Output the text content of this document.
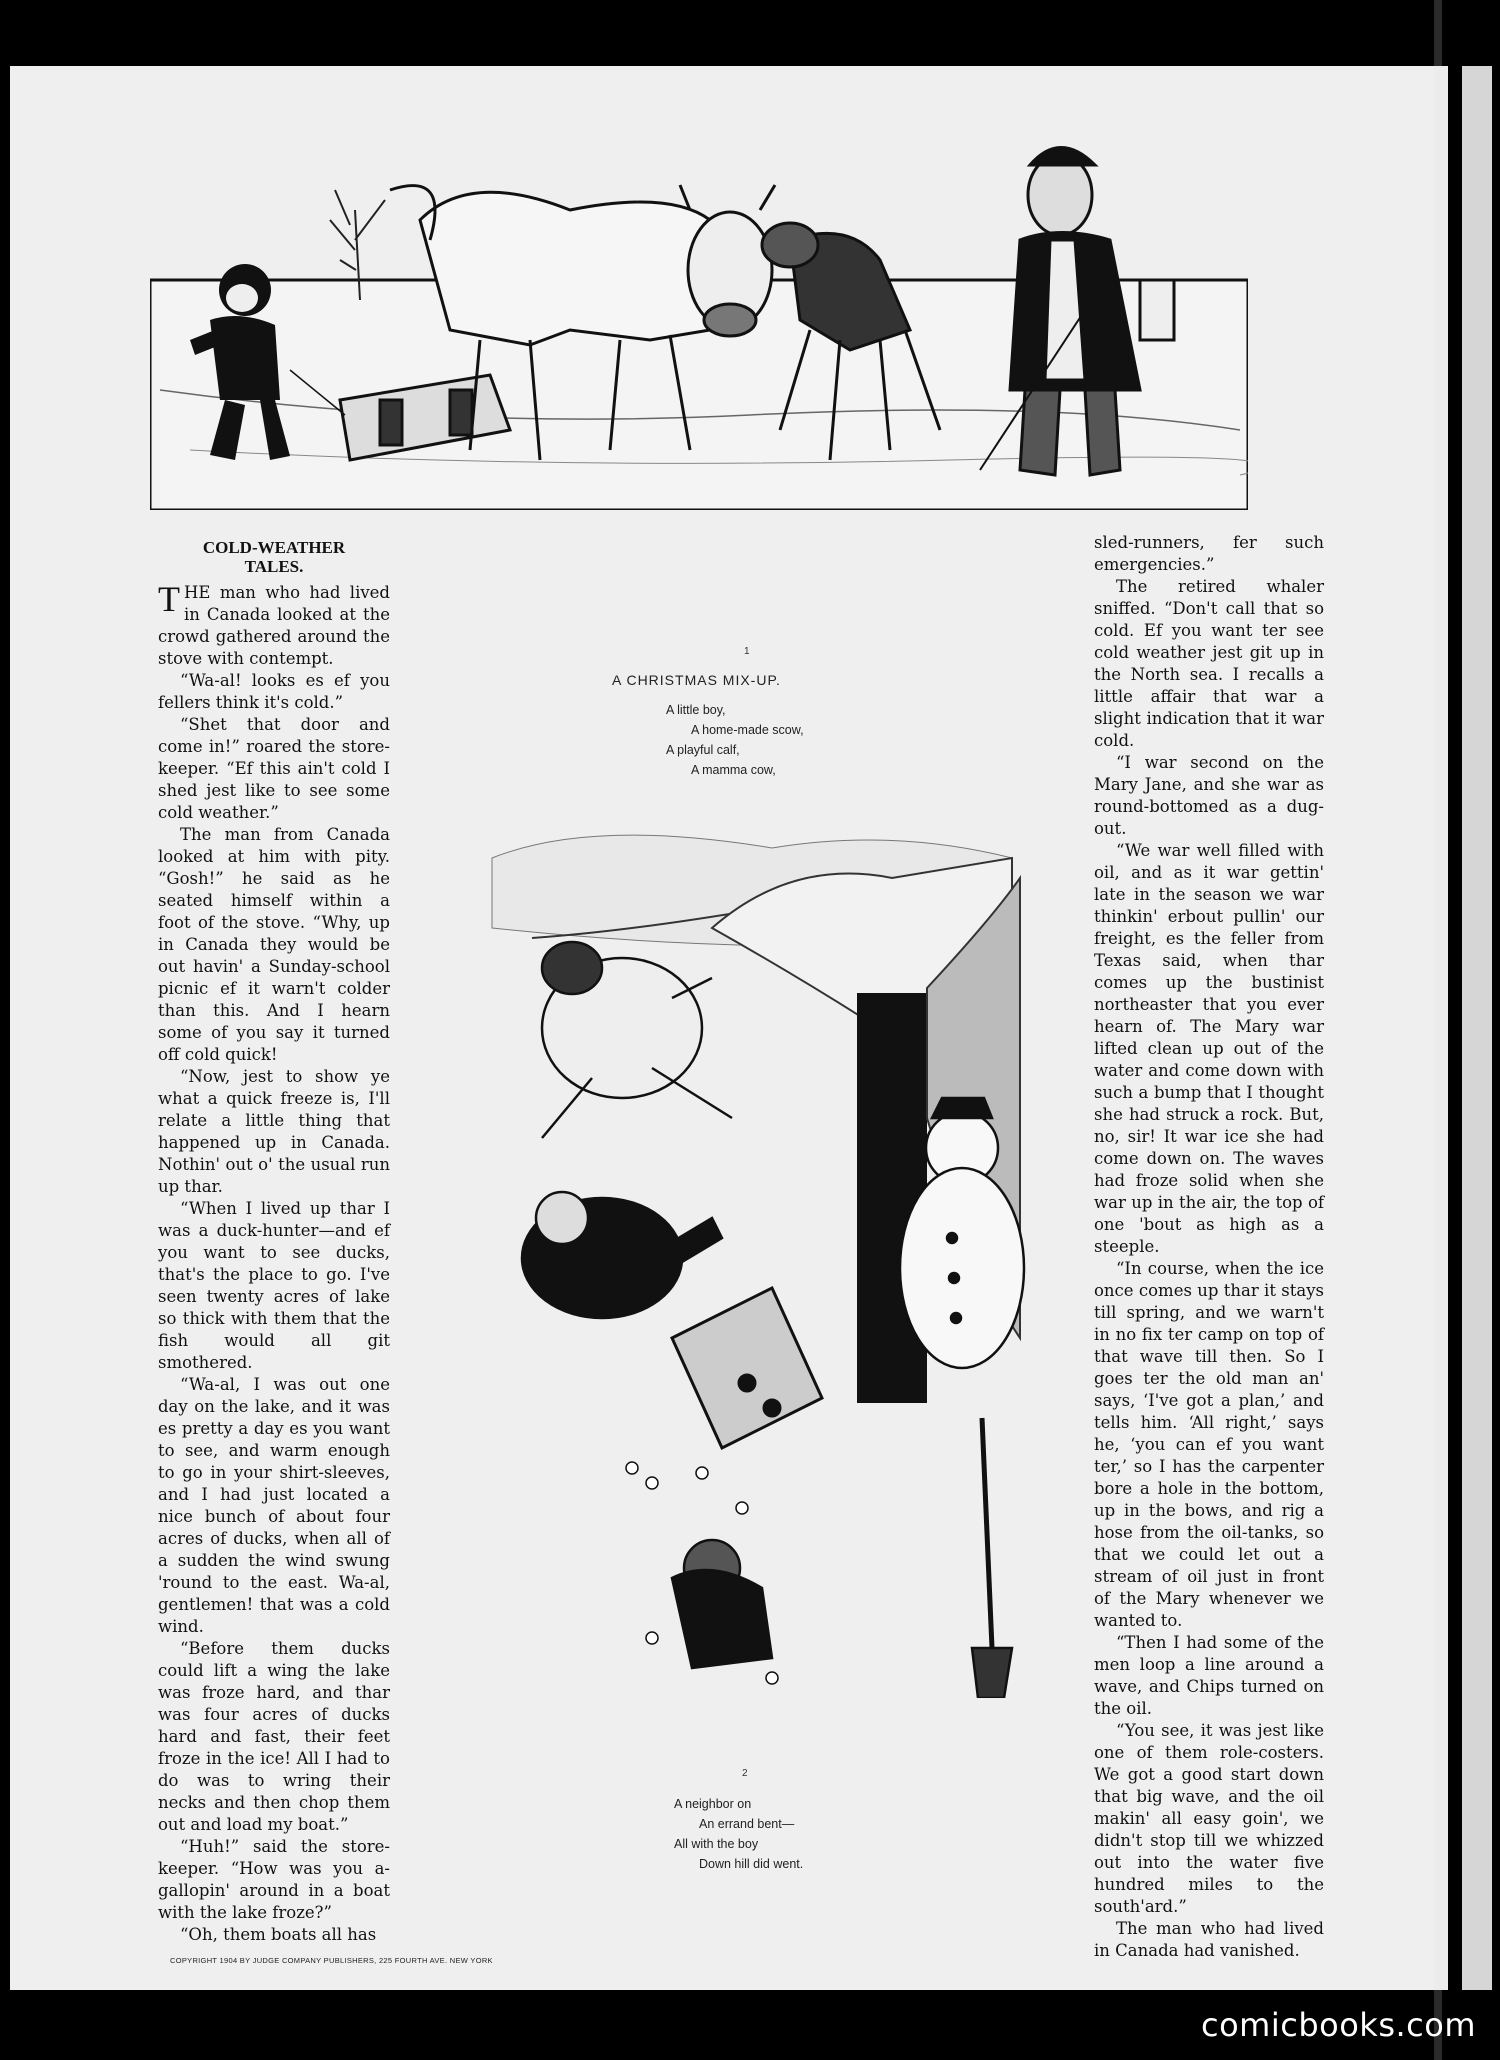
COLD-WEATHER
TALES.

THE man who had lived in Canada looked at the crowd gathered around the stove with contempt.

“Wa-al! looks es ef you fellers think it's cold.”

“Shet that door and come in!” roared the store-keeper. “Ef this ain't cold I shed jest like to see some cold weather.”

The man from Canada looked at him with pity. “Gosh!” he said as he seated himself within a foot of the stove. “Why, up in Canada they would be out havin' a Sunday-school picnic ef it warn't colder than this. And I hearn some of you say it turned off cold quick!

“Now, jest to show ye what a quick freeze is, I'll relate a little thing that happened up in Canada. Nothin' out o' the usual run up thar.

“When I lived up thar I was a duck-hunter—and ef you want to see ducks, that's the place to go. I've seen twenty acres of lake so thick with them that the fish would all git smothered.

“Wa-al, I was out one day on the lake, and it was es pretty a day es you want to see, and warm enough to go in your shirt-sleeves, and I had just located a nice bunch of about four acres of ducks, when all of a sudden the wind swung 'round to the east. Wa-al, gentlemen! that was a cold wind.

“Before them ducks could lift a wing the lake was froze hard, and thar was four acres of ducks hard and fast, their feet froze in the ice! All I had to do was to wring their necks and then chop them out and load my boat.”

“Huh!” said the store-keeper. “How was you a-gallopin' around in a boat with the lake froze?”

“Oh, them boats all has

1
A CHRISTMAS MIX-UP.
A little boy,
A home-made scow,
A playful calf,
A mamma cow,
2
A neighbor on
An errand bent—
All with the boy
Down hill did went.

sled-runners, fer such emergencies.”

The retired whaler sniffed. “Don't call that so cold. Ef you want ter see cold weather jest git up in the North sea. I recalls a little affair that war a slight indication that it war cold.

“I war second on the Mary Jane, and she war as round-bottomed as a dug-out.

“We war well filled with oil, and as it war gettin' late in the season we war thinkin' erbout pullin' our freight, es the feller from Texas said, when thar comes up the bustinist northeaster that you ever hearn of. The Mary war lifted clean up out of the water and come down with such a bump that I thought she had struck a rock. But, no, sir! It war ice she had come down on. The waves had froze solid when she war up in the air, the top of one 'bout as high as a steeple.

“In course, when the ice once comes up thar it stays till spring, and we warn't in no fix ter camp on top of that wave till then. So I goes ter the old man an' says, ‘I've got a plan,’ and tells him. ‘All right,’ says he, ‘you can ef you want ter,’ so I has the carpenter bore a hole in the bottom, up in the bows, and rig a hose from the oil-tanks, so that we could let out a stream of oil just in front of the Mary whenever we wanted to.

“Then I had some of the men loop a line around a wave, and Chips turned on the oil.

“You see, it was jest like one of them role-costers. We got a good start down that big wave, and the oil makin' all easy goin', we didn't stop till we whizzed out into the water five hundred miles to the south'ard.”

The man who had lived in Canada had vanished.

COPYRIGHT 1904 BY JUDGE COMPANY PUBLISHERS, 225 FOURTH AVE. NEW YORK
comicbooks.com
